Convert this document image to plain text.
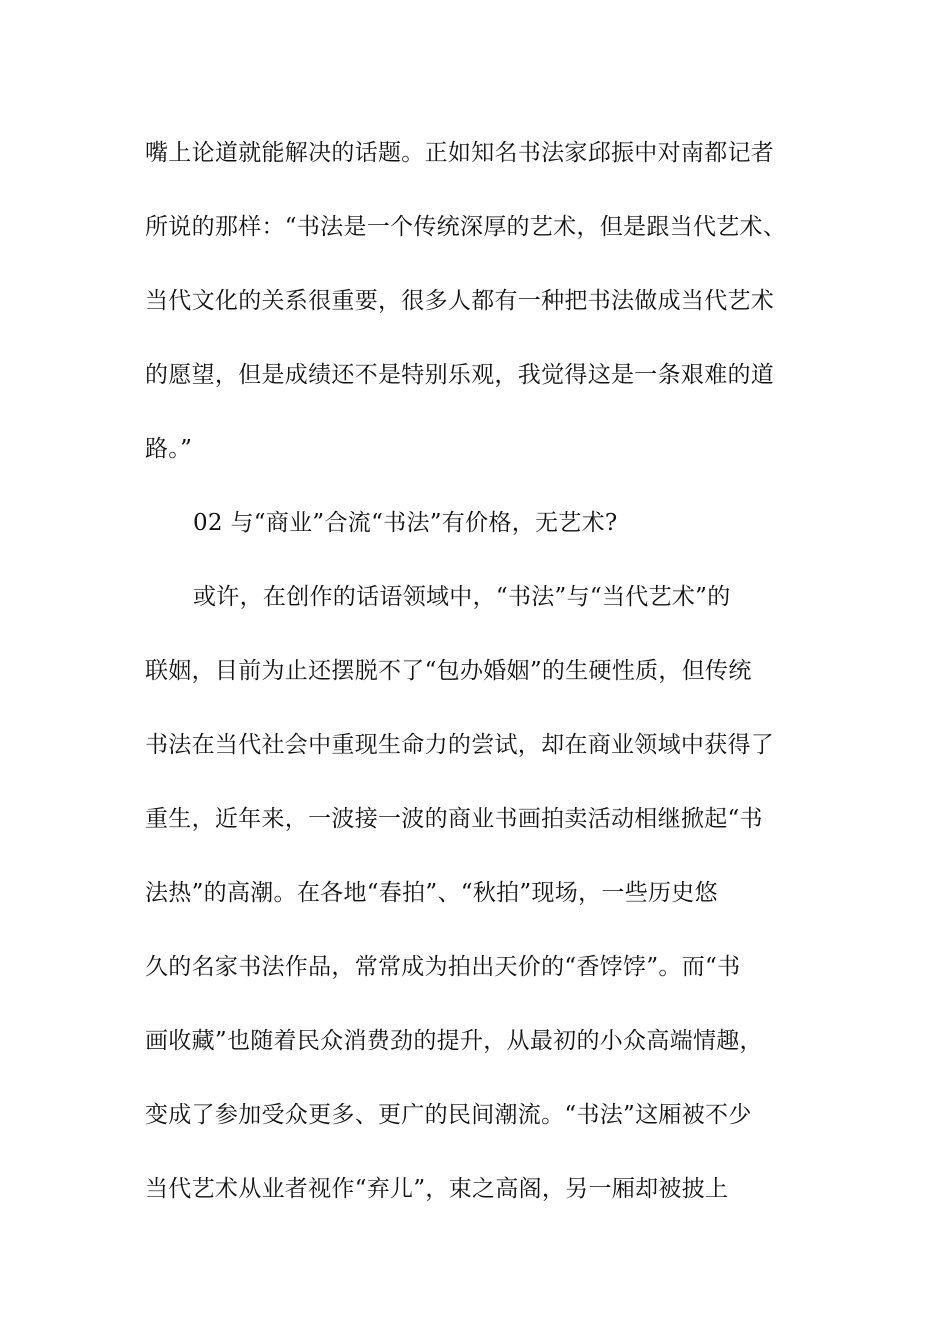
嘴上论道就能解决的话题。正如知名书法家邱振中对南都记者
所说的那样：“书法是一个传统深厚的艺术，但是跟当代艺术、
当代文化的关系很重要，很多人都有一种把书法做成当代艺术
的愿望，但是成绩还不是特别乐观，我觉得这是一条艰难的道
路。”
02 与“商业”合流“书法”有价格，无艺术?
或许，在创作的话语领域中，“书法”与“当代艺术”的
联姻，目前为止还摆脱不了“包办婚姻”的生硬性质，但传统
书法在当代社会中重现生命力的尝试，却在商业领域中获得了
重生，近年来，一波接一波的商业书画拍卖活动相继掀起“书
法热”的高潮。在各地“春拍”、“秋拍”现场，一些历史悠
久的名家书法作品，常常成为拍出天价的“香饽饽”。而“书
画收藏”也随着民众消费劲的提升，从最初的小众高端情趣，
变成了参加受众更多、更广的民间潮流。“书法”这厢被不少
当代艺术从业者视作“弃儿”，束之高阁，另一厢却被披上
